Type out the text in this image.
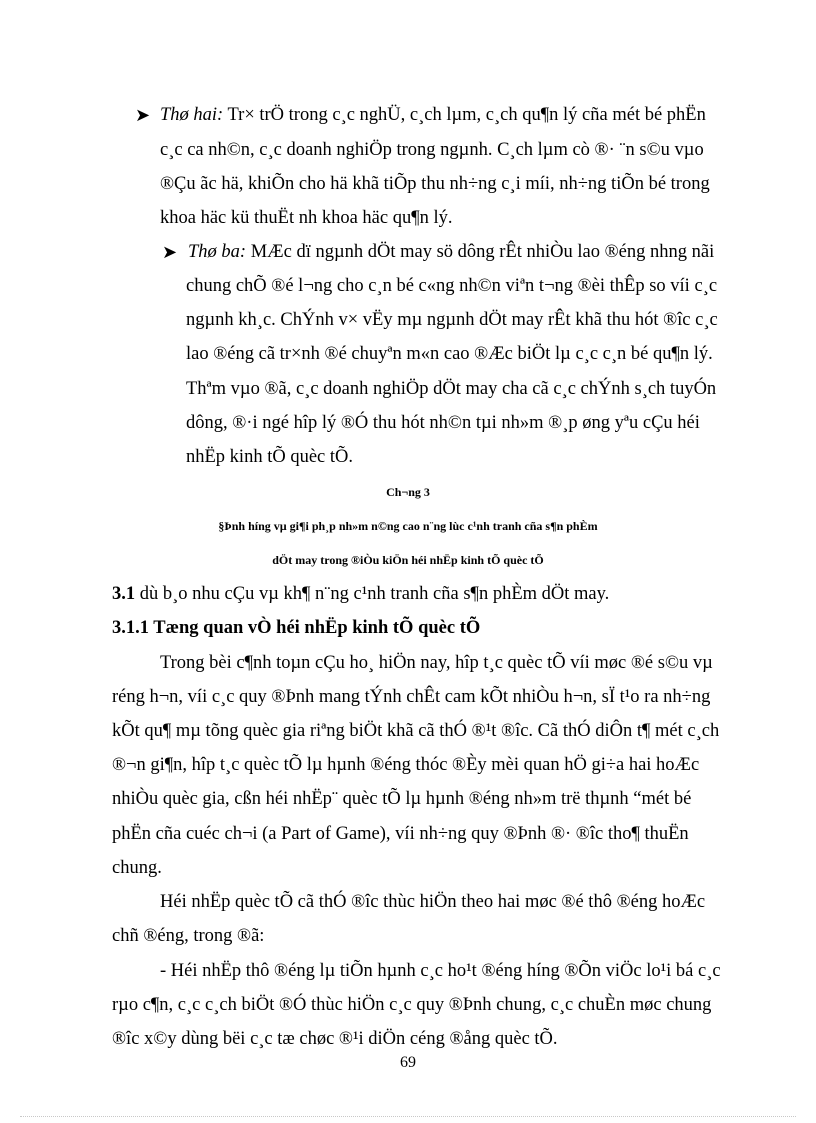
➤ Thø hai: Tr× trÖ trong c¸c nghÜ, c¸ch lµm, c¸ch qu¶n lý cña mét bé phËn
c¸c ca nh©n, c¸c doanh nghiÖp trong ngµnh. C¸ch lµm cò ®· ¨n s©u vµo
®Çu ãc hä, khiÕn cho hä khã tiÕp thu nh÷ng c¸i míi, nh÷ng tiÕn bé trong
khoa häc kü thuËt nh khoa häc qu¶n lý.
➤ Thø ba: MÆc dï ngµnh dÖt may sö dông rÊt nhiÒu lao ®éng nhng nãi
chung chÕ ®é l¬ng cho c¸n bé c«ng nh©n viªn t¬ng ®èi thÊp so víi c¸c
ngµnh kh¸c. ChÝnh v× vËy mµ ngµnh dÖt may rÊt khã thu hót ®îc c¸c
lao ®éng cã tr×nh ®é chuyªn m«n cao ®Æc biÖt lµ c¸c c¸n bé qu¶n lý.
Thªm vµo ®ã, c¸c doanh nghiÖp dÖt may cha cã c¸c chÝnh s¸ch tuyÓn
dông, ®·i ngé hîp lý ®Ó thu hót nh©n tµi nh»m ®¸p øng yªu cÇu héi
nhËp kinh tÕ quèc tÕ.
Ch¬ng 3
§Þnh híng vµ gi¶i ph¸p nh»m n©ng cao n¨ng lùc c¹nh tranh cña s¶n phÈm
dÖt may trong ®iÒu kiÖn héi nhËp kinh tÕ quèc tÕ
3.1 dù b¸o nhu cÇu vµ kh¶ n¨ng c¹nh tranh cña s¶n phÈm dÖt may.
3.1.1 Tæng quan vÒ héi nhËp kinh tÕ quèc tÕ
Trong bèi c¶nh toµn cÇu ho¸ hiÖn nay, hîp t¸c quèc tÕ víi møc ®é s©u vµ
réng h¬n, víi c¸c quy ®Þnh mang tÝnh chÊt cam kÕt nhiÒu h¬n, sÏ t¹o ra nh÷ng
kÕt qu¶ mµ tõng quèc gia riªng biÖt khã cã thÓ ®¹t ®îc. Cã thÓ diÔn t¶ mét c¸ch
®¬n gi¶n, hîp t¸c quèc tÕ lµ hµnh ®éng thóc ®Èy mèi quan hÖ gi÷a hai hoÆc
nhiÒu quèc gia, cßn héi nhËp¨ quèc tÕ lµ hµnh ®éng nh»m trë thµnh “mét bé
phËn cña cuéc ch¬i (a Part of Game), víi nh÷ng quy ®Þnh ®· ®îc tho¶ thuËn
chung.
Héi nhËp quèc tÕ cã thÓ ®îc thùc hiÖn theo hai møc ®é thô ®éng hoÆc
chñ ®éng, trong ®ã:
- Héi nhËp thô ®éng lµ tiÕn hµnh c¸c ho¹t ®éng híng ®Õn viÖc lo¹i bá c¸c
rµo c¶n, c¸c c¸ch biÖt ®Ó thùc hiÖn c¸c quy ®Þnh chung, c¸c chuÈn møc chung
®îc x©y dùng bëi c¸c tæ chøc ®¹i diÖn céng ®ång quèc tÕ.
69
